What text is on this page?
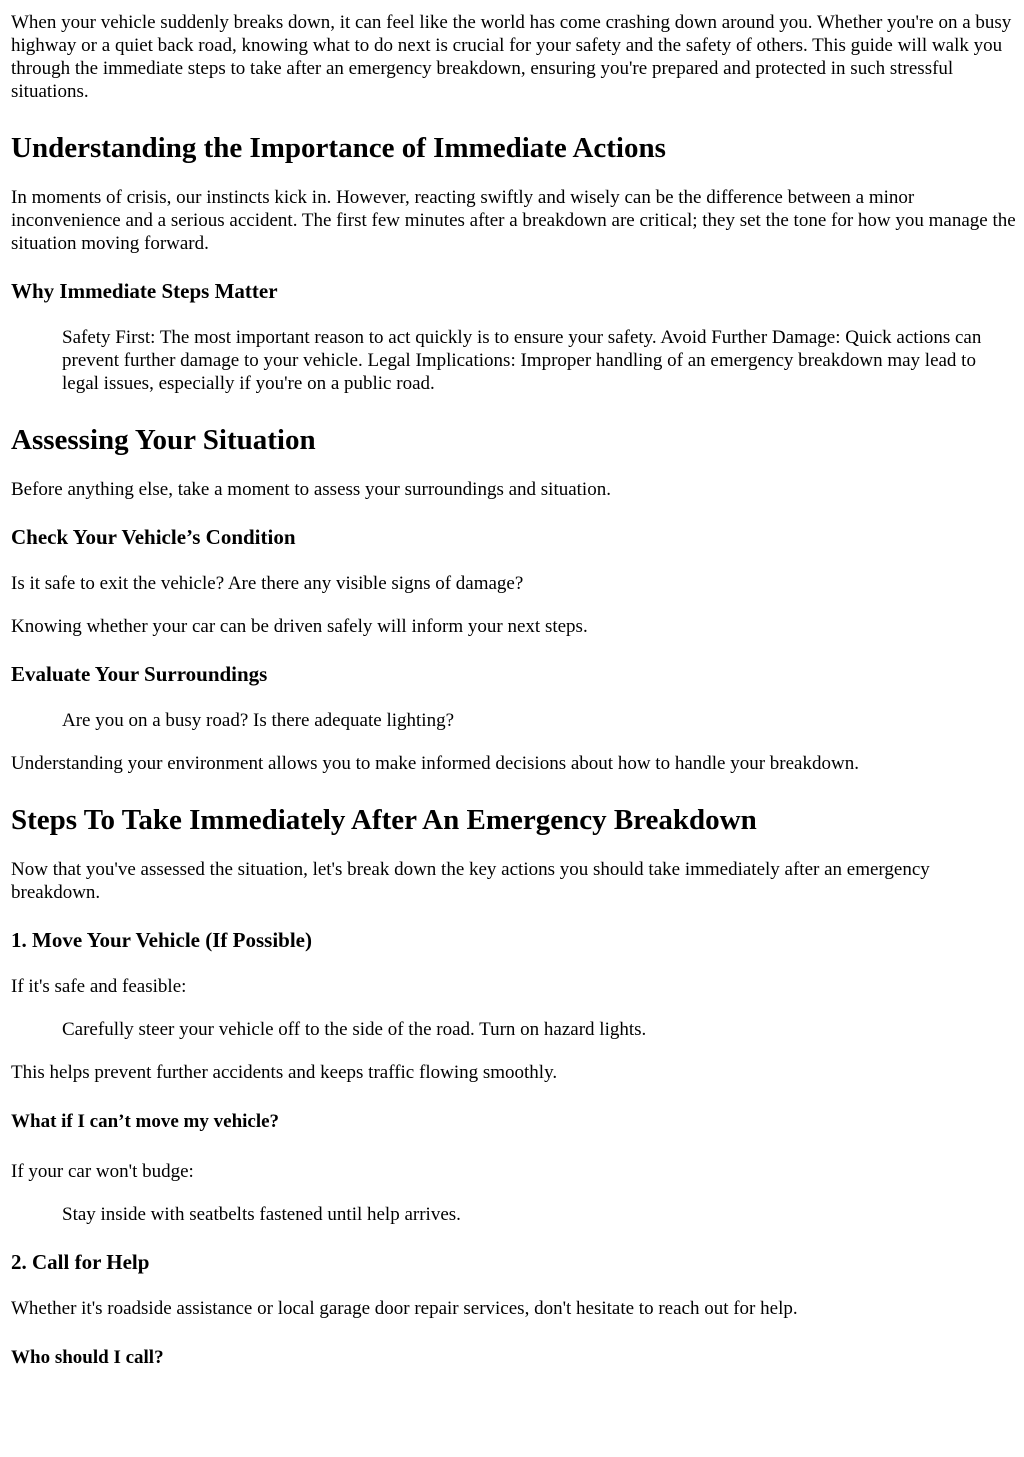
When your vehicle suddenly breaks down, it can feel like the world has come crashing down around you. Whether you're on a busy highway or a quiet back road, knowing what to do next is crucial for your safety and the safety of others. This guide will walk you through the immediate steps to take after an emergency breakdown, ensuring you're prepared and protected in such stressful situations.

Understanding the Importance of Immediate Actions

In moments of crisis, our instincts kick in. However, reacting swiftly and wisely can be the difference between a minor inconvenience and a serious accident. The first few minutes after a breakdown are critical; they set the tone for how you manage the situation moving forward.

Why Immediate Steps Matter
Safety First: The most important reason to act quickly is to ensure your safety. Avoid Further Damage: Quick actions can prevent further damage to your vehicle. Legal Implications: Improper handling of an emergency breakdown may lead to legal issues, especially if you're on a public road.
Assessing Your Situation

Before anything else, take a moment to assess your surroundings and situation.

Check Your Vehicle’s Condition

Is it safe to exit the vehicle? Are there any visible signs of damage?

Knowing whether your car can be driven safely will inform your next steps.

Evaluate Your Surroundings
Are you on a busy road? Is there adequate lighting?

Understanding your environment allows you to make informed decisions about how to handle your breakdown.

Steps To Take Immediately After An Emergency Breakdown

Now that you've assessed the situation, let's break down the key actions you should take immediately after an emergency breakdown.

1. Move Your Vehicle (If Possible)

If it's safe and feasible:

Carefully steer your vehicle off to the side of the road. Turn on hazard lights.

This helps prevent further accidents and keeps traffic flowing smoothly.

What if I can’t move my vehicle?

If your car won't budge:

Stay inside with seatbelts fastened until help arrives.
2. Call for Help

Whether it's roadside assistance or local garage door repair services, don't hesitate to reach out for help.

Who should I call?
